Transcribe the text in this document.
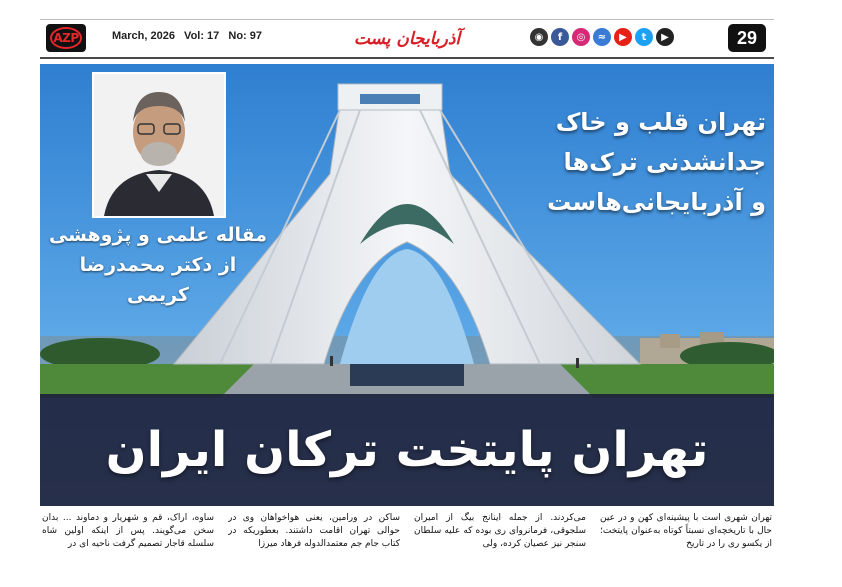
AZP	March, 2026 Vol: 17 No: 97	آذربایجان پست	◉	f	◎	≈	▶	t	▶	29
مقاله علمی و پژوهشی
از دکتر محمدرضا کریمی
تهران قلب و خاک
جدانشدنی ترک‌ها
و آذربایجانی‌هاست
تهران پایتخت ترکان ایران
تهران شهری است با پیشینه‌ای کهن و در عین حال با تاریخچه‌ای نسبتاً کوتاه به‌عنوان پایتخت؛ از یکسو ری را در تاریخ
می‌کردند. از جمله اینانج بیگ از امیران سلجوقی، فرمانروای ری بوده که علیه سلطان سنجر نیز عصیان کرده، ولی
ساکن در ورامین، یعنی هواخواهان وی در حوالی تهران اقامت داشتند. بعطوریکه در کتاب جام جم معتمدالدوله فرهاد میرزا
ساوه، اراک، قم و شهریار و دماوند ... بدان سخن می‌گویند. پس از اینکه اولین شاه سلسله قاجار تصمیم گرفت ناحیه ای در
